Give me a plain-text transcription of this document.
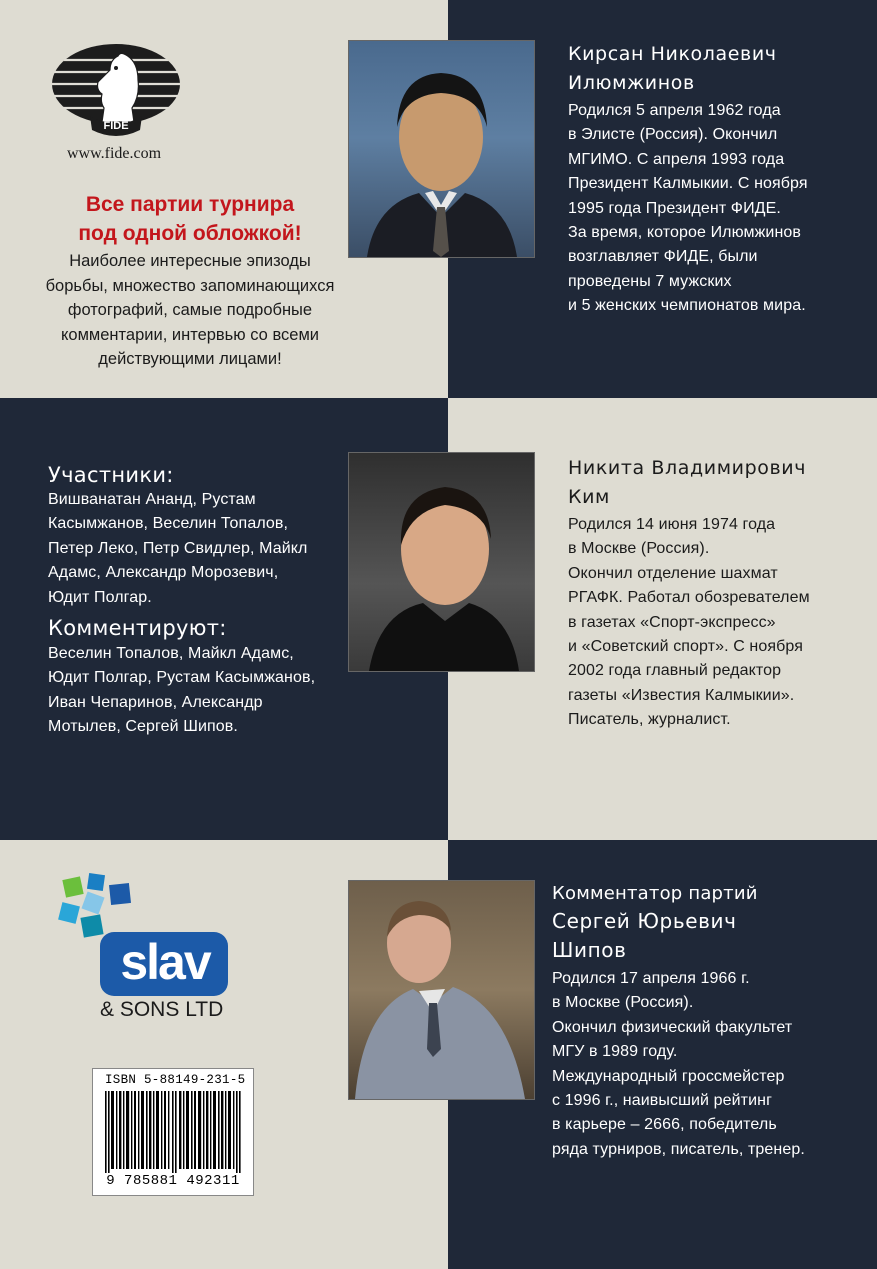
FIDE
www.fide.com
Все партии турнира
под одной обложкой!
Наиболее интересные эпизоды
борьбы, множество запоминающихся
фотографий, самые подробные
комментарии, интервью со всеми
действующими лицами!
Кирсан Николаевич
Илюмжинов
Родился 5 апреля 1962 года
в Элисте (Россия). Окончил
МГИМО. С апреля 1993 года
Президент Калмыкии. С ноября
1995 года Президент ФИДЕ.
За время, которое Илюмжинов
возглавляет ФИДЕ, были
проведены 7 мужских
и 5 женских чемпионатов мира.
Участники:
Вишванатан Ананд, Рустам
Касымжанов, Веселин Топалов,
Петер Леко, Петр Свидлер, Майкл
Адамс, Александр Морозевич,
Юдит Полгар.
Комментируют:
Веселин Топалов, Майкл Адамс,
Юдит Полгар, Рустам Касымжанов,
Иван Чепаринов, Александр
Мотылев, Сергей Шипов.
Никита Владимирович
Ким
Родился 14 июня 1974 года
в Москве (Россия).
Окончил отделение шахмат
РГАФК. Работал обозревателем
в газетах «Спорт-экспресс»
и «Советский спорт». С ноября
2002 года главный редактор
газеты «Известия Калмыкии».
Писатель, журналист.
slav
& SONS LTD
ISBN 5-88149-231-5
9 785881 492311
Комментатор партий
Сергей Юрьевич
Шипов
Родился 17 апреля 1966 г.
в Москве (Россия).
Окончил физический факультет
МГУ в 1989 году.
Международный гроссмейстер
с 1996 г., наивысший рейтинг
в карьере – 2666, победитель
ряда турниров, писатель, тренер.
